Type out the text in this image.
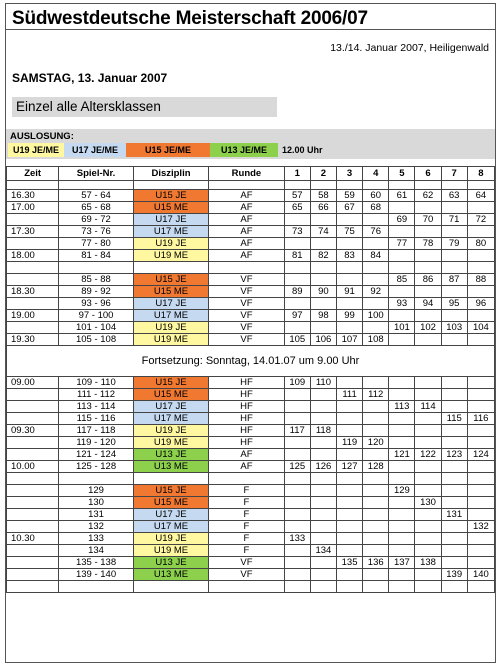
Südwestdeutsche Meisterschaft 2006/07
13./14. Januar 2007, Heiligenwald
SAMSTAG, 13. Januar 2007
Einzel alle Altersklassen
AUSLOSUNG:
U19 JE/ME	U17 JE/ME	U15 JE/ME	U13 JE/ME	12.00 Uhr
Zeit	Spiel-Nr.	Disziplin	Runde	1	2	3	4	5	6	7	8

16.30	57 - 64	U15 JE	AF	57	58	59	60	61	62	63	64
17.00	65 - 68	U15 ME	AF	65	66	67	68				
	69 - 72	U17 JE	AF					69	70	71	72
17.30	73 - 76	U17 ME	AF	73	74	75	76				
	77 - 80	U19 JE	AF					77	78	79	80
18.00	81 - 84	U19 ME	AF	81	82	83	84				

	85 - 88	U15 JE	VF					85	86	87	88
18.30	89 - 92	U15 ME	VF	89	90	91	92				
	93 - 96	U17 JE	VF					93	94	95	96
19.00	97 - 100	U17 ME	VF	97	98	99	100				
	101 - 104	U19 JE	VF					101	102	103	104
19.30	105 - 108	U19 ME	VF	105	106	107	108				
Fortsetzung: Sonntag, 14.01.07 um 9.00 Uhr											
09.00	109 - 110	U15 JE	HF	109	110						
	111 - 112	U15 ME	HF			111	112				
	113 - 114	U17 JE	HF					113	114		
	115 - 116	U17 ME	HF							115	116
09.30	117 - 118	U19 JE	HF	117	118						
	119 - 120	U19 ME	HF			119	120				
	121 - 124	U13 JE	AF					121	122	123	124
10.00	125 - 128	U13 ME	AF	125	126	127	128				

	129	U15 JE	F					129			
	130	U15 ME	F						130		
	131	U17 JE	F							131	
	132	U17 ME	F								132
10.30	133	U19 JE	F	133							
	134	U19 ME	F		134						
	135 - 138	U13 JE	VF			135	136	137	138		
	139 - 140	U13 ME	VF							139	140
